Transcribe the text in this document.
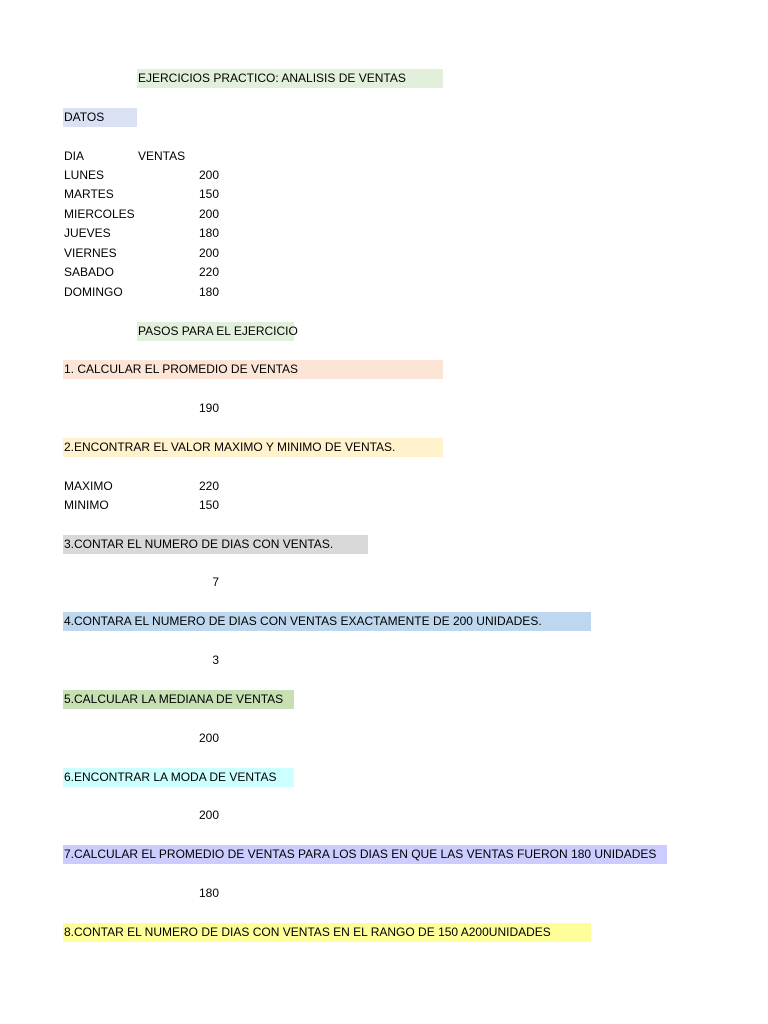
EJERCICIOS PRACTICO: ANALISIS DE VENTAS
DATOS
DIA	VENTAS
LUNES	200
MARTES	150
MIERCOLES	200
JUEVES	180
VIERNES	200
SABADO	220
DOMINGO	180
PASOS PARA EL EJERCICIO
1. CALCULAR EL PROMEDIO DE VENTAS
190
2.ENCONTRAR EL VALOR MAXIMO Y MINIMO DE VENTAS.
MAXIMO	220
MINIMO	150
3.CONTAR EL NUMERO DE DIAS CON VENTAS.
7
4.CONTARA EL NUMERO DE DIAS CON VENTAS EXACTAMENTE DE 200 UNIDADES.
3
5.CALCULAR LA MEDIANA DE VENTAS
200
6.ENCONTRAR LA MODA DE VENTAS
200
7.CALCULAR EL PROMEDIO DE VENTAS PARA LOS DIAS EN QUE LAS VENTAS FUERON 180 UNIDADES
180
8.CONTAR EL NUMERO DE DIAS CON VENTAS EN EL RANGO DE 150 A200UNIDADES
